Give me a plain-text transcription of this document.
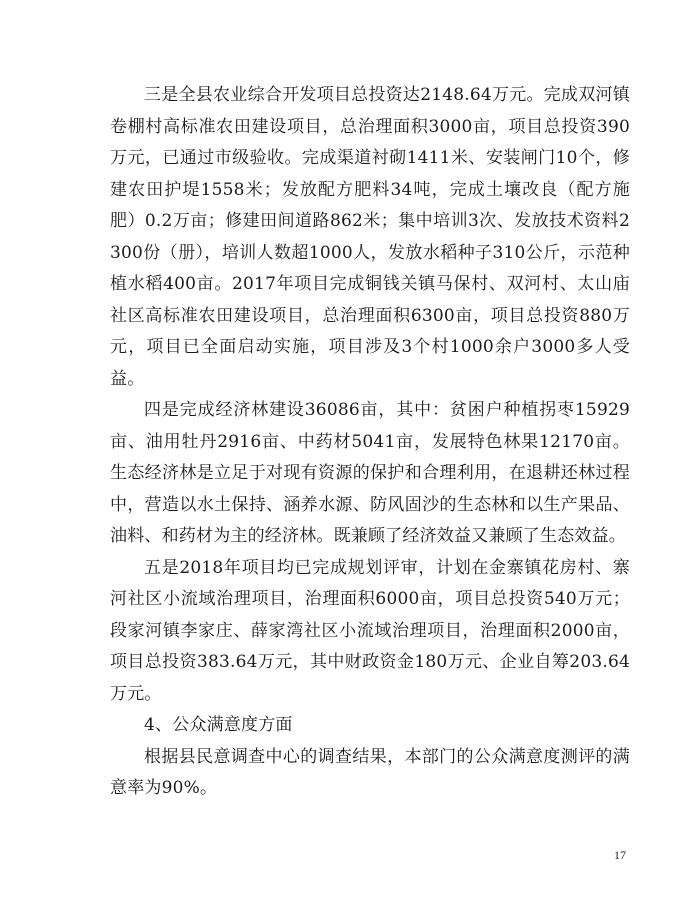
三是全县农业综合开发项目总投资达2148.64万元。完成双河镇卷棚村高标准农田建设项目，总治理面积3000亩，项目总投资390万元，已通过市级验收。完成渠道衬砌1411米、安装闸门10个，修建农田护堤1558米；发放配方肥料34吨，完成土壤改良（配方施肥）0.2万亩；修建田间道路862米；集中培训3次、发放技术资料2300份（册），培训人数超1000人，发放水稻种子310公斤，示范种植水稻400亩。2017年项目完成铜钱关镇马保村、双河村、太山庙社区高标准农田建设项目，总治理面积6300亩，项目总投资880万元，项目已全面启动实施，项目涉及3个村1000余户3000多人受益。

四是完成经济林建设36086亩，其中：贫困户种植拐枣15929亩、油用牡丹2916亩、中药材5041亩，发展特色林果12170亩。生态经济林是立足于对现有资源的保护和合理利用，在退耕还林过程中，营造以水土保持、涵养水源、防风固沙的生态林和以生产果品、油料、和药材为主的经济林。既兼顾了经济效益又兼顾了生态效益。

五是2018年项目均已完成规划评审，计划在金寨镇花房村、寨河社区小流域治理项目，治理面积6000亩，项目总投资540万元；段家河镇李家庄、薛家湾社区小流域治理项目，治理面积2000亩，项目总投资383.64万元，其中财政资金180万元、企业自筹203.64万元。

4、公众满意度方面

根据县民意调查中心的调查结果，本部门的公众满意度测评的满意率为90%。

17
